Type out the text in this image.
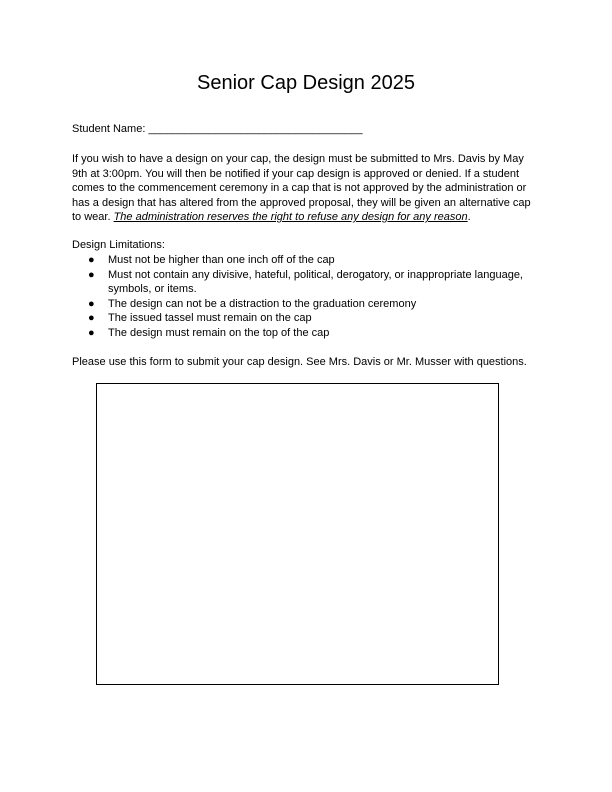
Senior Cap Design 2025
Student Name: ___________________________________
If you wish to have a design on your cap, the design must be submitted to Mrs. Davis by May
9th at 3:00pm. You will then be notified if your cap design is approved or denied. If a student
comes to the commencement ceremony in a cap that is not approved by the administration or
has a design that has altered from the approved proposal, they will be given an alternative cap
to wear. The administration reserves the right to refuse any design for any reason.
Design Limitations:
● Must not be higher than one inch off of the cap
● Must not contain any divisive, hateful, political, derogatory, or inappropriate language,
symbols, or items.
● The design can not be a distraction to the graduation ceremony
● The issued tassel must remain on the cap
● The design must remain on the top of the cap
Please use this form to submit your cap design. See Mrs. Davis or Mr. Musser with questions.
